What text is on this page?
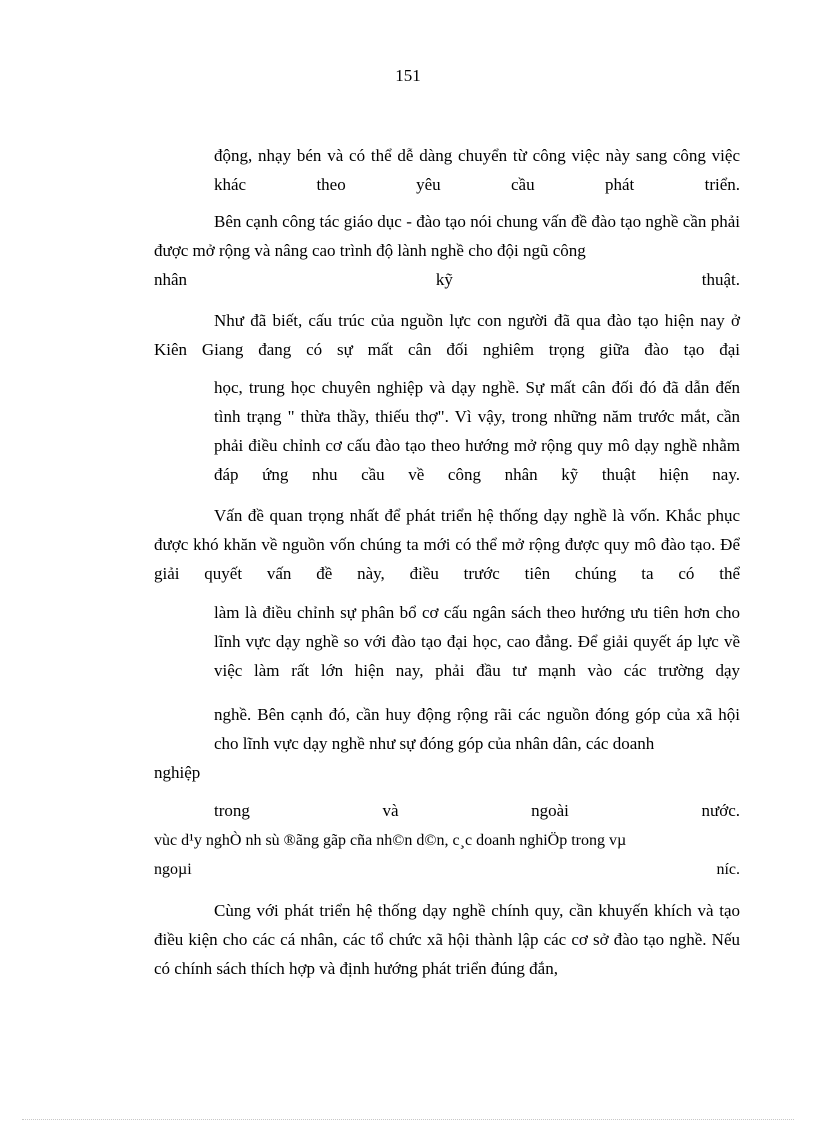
151

động, nhạy bén và có thể dễ dàng chuyển từ công việc này sang công việc khác theo yêu cầu phát triển.

Bên cạnh công tác giáo dục - đào tạo nói chung vấn đề đào tạo nghề cần phải được mở rộng và nâng cao trình độ lành nghề cho đội ngũ công
nhân	kỹ	thuật.

Như đã biết, cấu trúc của nguồn lực con người đã qua đào tạo hiện nay ở Kiên Giang đang có sự mất cân đối nghiêm trọng giữa đào tạo đại

học, trung học chuyên nghiệp và dạy nghề. Sự mất cân đối đó đã dẫn đến tình trạng " thừa thầy, thiếu thợ". Vì vậy, trong những năm trước mắt, cần phải điều chỉnh cơ cấu đào tạo theo hướng mở rộng quy mô dạy nghề nhằm đáp ứng nhu cầu về công nhân kỹ thuật hiện nay.

Vấn đề quan trọng nhất để phát triển hệ thống dạy nghề là vốn. Khắc phục được khó khăn về nguồn vốn chúng ta mới có thể mở rộng được quy mô đào tạo. Để giải quyết vấn đề này, điều trước tiên chúng ta có thể

làm là điều chỉnh sự phân bổ cơ cấu ngân sách theo hướng ưu tiên hơn cho lĩnh vực dạy nghề so với đào tạo đại học, cao đẳng. Để giải quyết áp lực về việc làm rất lớn hiện nay, phải đầu tư mạnh vào các trường dạy

nghề. Bên cạnh đó, cần huy động rộng rãi các nguồn đóng góp của xã hội cho lĩnh vực dạy nghề như sự đóng góp của nhân dân, các doanh
nghiệp
trong	và	ngoài	nước.
vùc d¹y nghÒ nh sù ®ãng gãp cña nh©n d©n, c¸c doanh nghiÖp trong vµ
ngoµi	níc.

Cùng với phát triển hệ thống dạy nghề chính quy, cần khuyến khích và tạo điều kiện cho các cá nhân, các tổ chức xã hội thành lập các cơ sở đào tạo nghề. Nếu có chính sách thích hợp và định hướng phát triển đúng đắn,
